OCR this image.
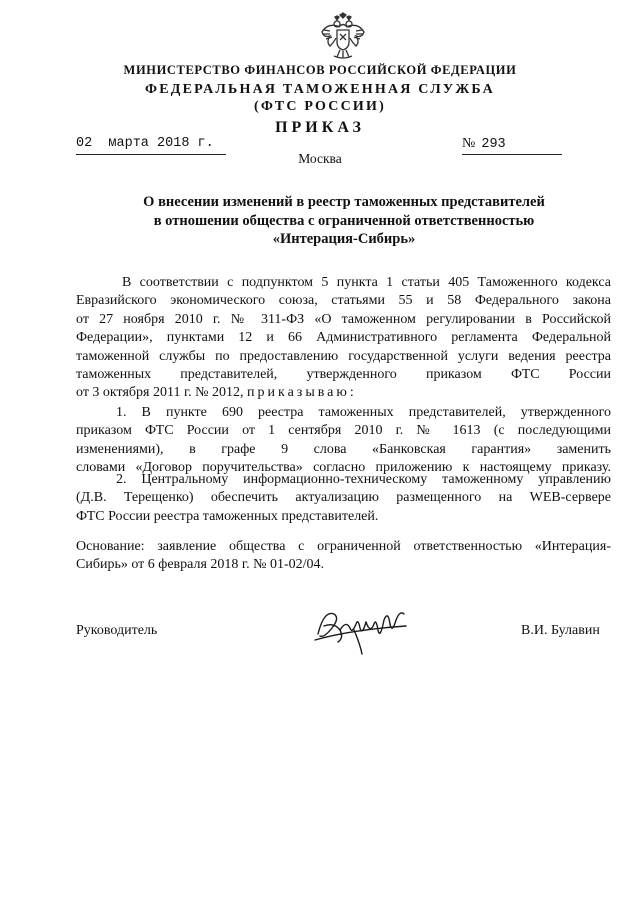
МИНИСТЕРСТВО ФИНАНСОВ РОССИЙСКОЙ ФЕДЕРАЦИИ
ФЕДЕРАЛЬНАЯ ТАМОЖЕННАЯ СЛУЖБА
(ФТС РОССИИ)
ПРИКАЗ
02 марта 2018 г.	№ 293
Москва
О внесении изменений в реестр таможенных представителей
в отношении общества с ограниченной ответственностью
«Интерация-Сибирь»
В соответствии с подпунктом 5 пункта 1 статьи 405 Таможенного кодекса
Евразийского экономического союза, статьями 55 и 58 Федерального закона
от 27 ноября 2010 г. № 311-ФЗ «О таможенном регулировании в Российской
Федерации», пунктами 12 и 66 Административного регламента Федеральной
таможенной службы по предоставлению государственной услуги ведения реестра
таможенных представителей, утвержденного приказом ФТС России
от 3 октября 2011 г. № 2012, приказываю:
1. В пункте 690 реестра таможенных представителей, утвержденного
приказом ФТС России от 1 сентября 2010 г. № 1613 (с последующими
изменениями), в графе 9 слова «Банковская гарантия» заменить
словами «Договор поручительства» согласно приложению к настоящему приказу.
2. Центральному информационно-техническому таможенному управлению
(Д.В. Терещенко) обеспечить актуализацию размещенного на WEB-сервере
ФТС России реестра таможенных представителей.
Основание: заявление общества с ограниченной ответственностью «Интерация-
Сибирь» от 6 февраля 2018 г. № 01-02/04.
Руководитель	В.И. Булавин
